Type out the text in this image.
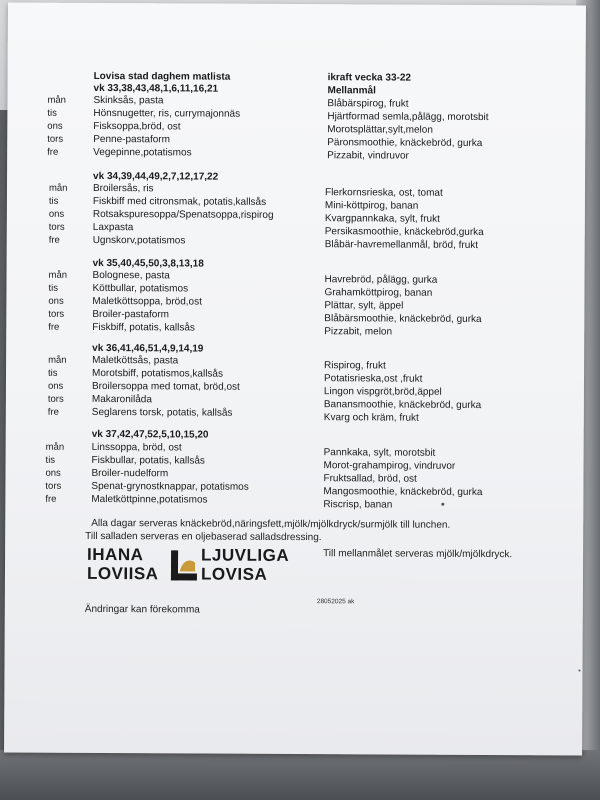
Lovisa stad daghem matlista	ikraft vecka 33-22
Mellanmål
vk 33,38,43,48,1,6,11,16,21
mån	Skinksås, pasta	Blåbärspirog, frukt
tis	Hönsnugetter, ris, currymajonnäs	Hjärtformad semla,pålägg, morotsbit
ons	Fisksoppa,bröd, ost	Morotsplättar,sylt,melon
tors	Penne-pastaform	Päronsmoothie, knäckebröd, gurka
fre	Vegepinne,potatismos	Pizzabit, vindruvor
vk 34,39,44,49,2,7,12,17,22
mån	Broilersås, ris	Flerkornsrieska, ost, tomat
tis	Fiskbiff med citronsmak, potatis,kallsås	Mini-köttpirog, banan
ons	Rotsakspuresoppa/Spenatsoppa,rispirog	Kvargpannkaka, sylt, frukt
tors	Laxpasta	Persikasmoothie, knäckebröd,gurka
fre	Ugnskorv,potatismos	Blåbär-havremellanmål, bröd, frukt
vk 35,40,45,50,3,8,13,18
mån	Bolognese, pasta	Havrebröd, pålägg, gurka
tis	Köttbullar, potatismos	Grahamköttpirog, banan
ons	Maletköttsoppa, bröd,ost	Plättar, sylt, äppel
tors	Broiler-pastaform	Blåbärsmoothie, knäckebröd, gurka
fre	Fiskbiff, potatis, kallsås	Pizzabit, melon
vk 36,41,46,51,4,9,14,19
mån	Maletköttsås, pasta	Rispirog, frukt
tis	Morotsbiff, potatismos,kallsås	Potatisrieska,ost ,frukt
ons	Broilersoppa med tomat, bröd,ost	Lingon vispgröt,bröd,äppel
tors	Makaronilåda	Banansmoothie, knäckebröd, gurka
fre	Seglarens torsk, potatis, kallsås	Kvarg och kräm, frukt
vk 37,42,47,52,5,10,15,20
mån	Linssoppa, bröd, ost	Pannkaka, sylt, morotsbit
tis	Fiskbullar, potatis, kallsås	Morot-grahampirog, vindruvor
ons	Broiler-nudelform	Fruktsallad, bröd, ost
tors	Spenat-grynostknappar, potatismos	Mangosmoothie, knäckebröd, gurka
fre	Maletköttpinne,potatismos	Riscrisp, banan
Alla dagar serveras knäckebröd,näringsfett,mjölk/mjölkdryck/surmjölk till lunchen.
Till salladen serveras en oljebaserad salladsdressing.
Till mellanmålet serveras mjölk/mjölkdryck.
IHANA
LOVIISA
LJUVLIGA
LOVISA
28052025 ak
Ändringar kan förekomma
